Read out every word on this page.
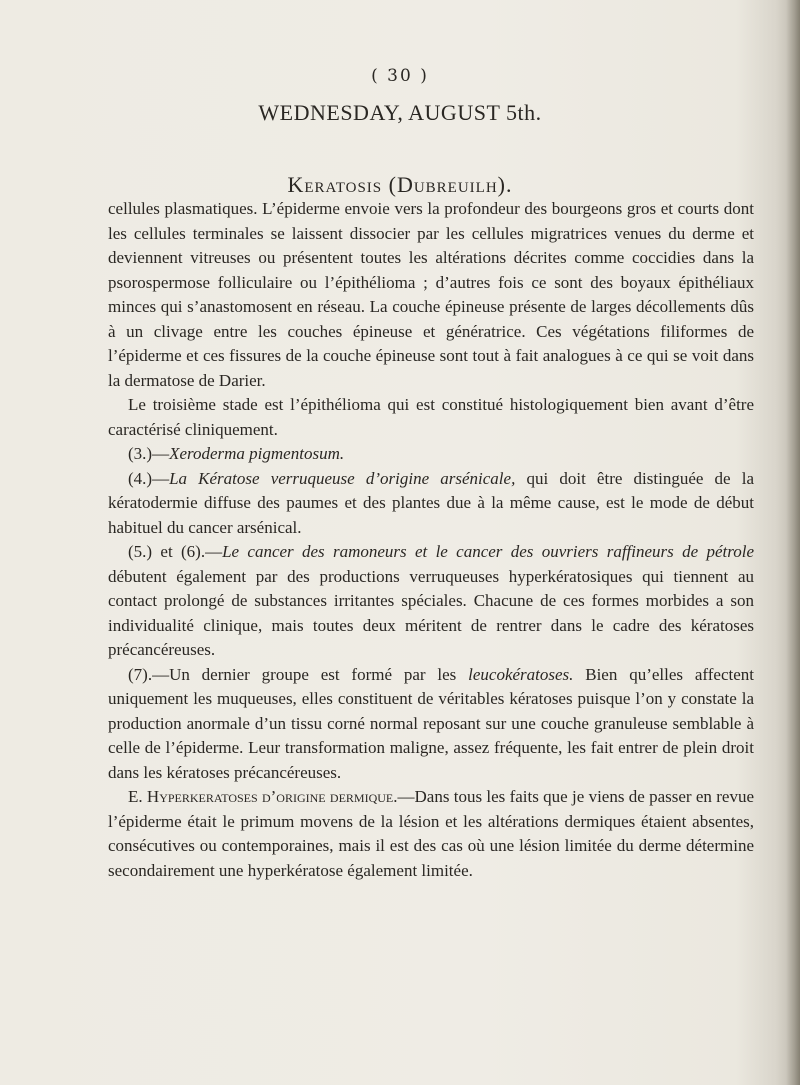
( 30 )
WEDNESDAY, AUGUST 5th.
Keratosis (Dubreuilh).

cellules plasmatiques. L’épiderme envoie vers la profondeur des bourgeons gros et courts dont les cellules terminales se laissent dissocier par les cellules migratrices venues du derme et deviennent vitreuses ou présentent toutes les altérations décrites comme coccidies dans la psorospermose folliculaire ou l’épithélioma ; d’autres fois ce sont des boyaux épithéliaux minces qui s’anastomosent en réseau. La couche épineuse présente de larges décollements dûs à un clivage entre les couches épineuse et génératrice. Ces végétations filiformes de l’épiderme et ces fissures de la couche épineuse sont tout à fait analogues à ce qui se voit dans la dermatose de Darier.

Le troisième stade est l’épithélioma qui est constitué histologiquement bien avant d’être caractérisé cliniquement.

(3.)—Xeroderma pigmentosum.

(4.)—La Kératose verruqueuse d’origine arsénicale, qui doit être distinguée de la kératodermie diffuse des paumes et des plantes due à la même cause, est le mode de début habituel du cancer arsénical.

(5.) et (6).—Le cancer des ramoneurs et le cancer des ouvriers raffineurs de pétrole débutent également par des productions verruqueuses hyperkératosiques qui tiennent au contact prolongé de substances irritantes spéciales. Chacune de ces formes morbides a son individualité clinique, mais toutes deux méritent de rentrer dans le cadre des kératoses précancéreuses.

(7).—Un dernier groupe est formé par les leucokératoses. Bien qu’elles affectent uniquement les muqueuses, elles constituent de véritables kératoses puisque l’on y constate la production anormale d’un tissu corné normal reposant sur une couche granuleuse semblable à celle de l’épiderme. Leur transformation maligne, assez fréquente, les fait entrer de plein droit dans les kératoses précancéreuses.

E. Hyperkeratoses d’origine dermique.—Dans tous les faits que je viens de passer en revue l’épiderme était le primum movens de la lésion et les altérations dermiques étaient absentes, consécutives ou contemporaines, mais il est des cas où une lésion limitée du derme détermine secondairement une hyperkératose également limitée.
